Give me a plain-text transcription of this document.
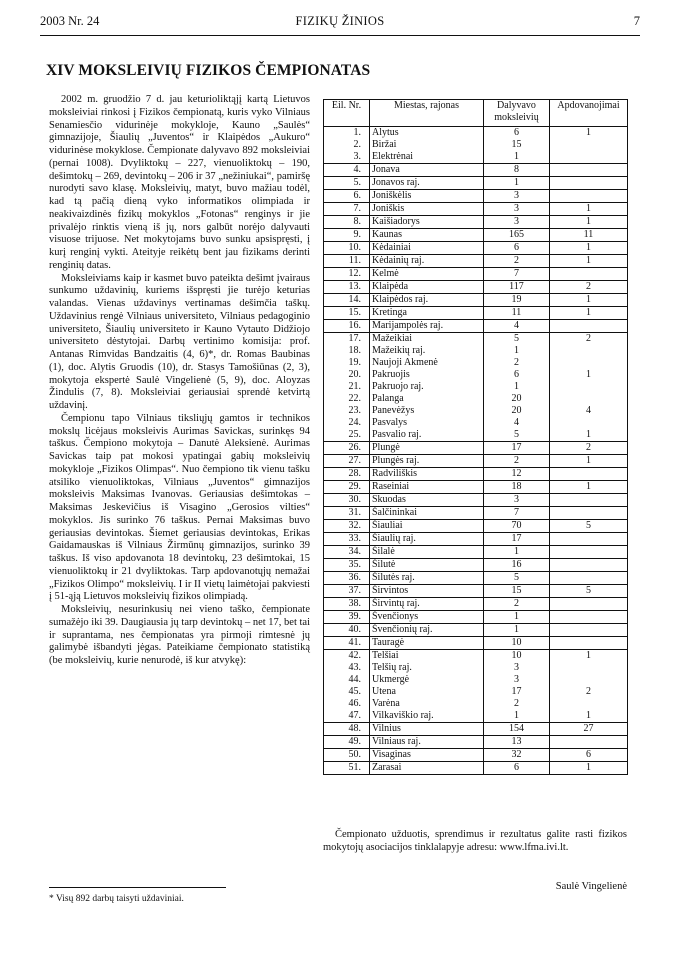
2003 Nr. 24	FIZIKŲ ŽINIOS	7
XIV MOKSLEIVIŲ FIZIKOS ČEMPIONATAS

2002 m. gruodžio 7 d. jau keturioliktąjį kartą Lietuvos moksleiviai rinkosi į Fizikos čempionatą, kuris vyko Vilniaus Senamiesčio vidurinėje mokykloje, Kauno „Saulės“ gimnazijoje, Šiaulių „Juventos“ ir Klaipėdos „Aukuro“ vidurinėse mokyklose. Čempionate dalyvavo 892 moksleiviai (pernai 1008). Dvyliktokų – 227, vienuoliktokų – 190, dešimtokų – 269, devintokų – 206 ir 37 „nežiniukai“, pamiršę nurodyti savo klasę. Moksleivių, matyt, buvo mažiau todėl, kad tą pačią dieną vyko informatikos olimpiada ir neakivaizdinės fizikų mokyklos „Fotonas“ renginys ir jie privalėjo rinktis vieną iš jų, nors galbūt norėjo dalyvauti visuose trijuose. Net mokytojams buvo sunku apsispręsti, į kurį renginį vykti. Ateityje reikėtų bent jau fizikams derinti renginių datas.

Moksleiviams kaip ir kasmet buvo pateikta dešimt įvairaus sunkumo uždavinių, kuriems išspręsti jie turėjo keturias valandas. Vienas uždavinys vertinamas dešimčia taškų. Uždavinius rengė Vilniaus universiteto, Vilniaus pedagoginio universiteto, Šiaulių universiteto ir Kauno Vytauto Didžiojo universiteto dėstytojai. Darbų vertinimo komisija: prof. Antanas Rimvidas Bandzaitis (4, 6)*, dr. Romas Baubinas (1), doc. Alytis Gruodis (10), dr. Stasys Tamošiūnas (2, 3), mokytoja ekspertė Saulė Vingelienė (5, 9), doc. Aloyzas Žindulis (7, 8). Moksleiviai geriausiai sprendė ketvirtą uždavinį.

Čempionu tapo Vilniaus tiksliųjų gamtos ir technikos mokslų licėjaus moksleivis Aurimas Savickas, surinkęs 94 taškus. Čempiono mokytoja – Danutė Aleksienė. Aurimas Savickas taip pat mokosi ypatingai gabių moksleivių mokykloje „Fizikos Olimpas“. Nuo čempiono tik vienu tašku atsiliko vienuoliktokas, Vilniaus „Juventos“ gimnazijos moksleivis Maksimas Ivanovas. Geriausias dešimtokas – Maksimas Jeskevičius iš Visagino „Gerosios vilties“ mokyklos. Jis surinko 76 taškus. Pernai Maksimas buvo geriausias devintokas. Šiemet geriausias devintokas, Erikas Gaidamauskas iš Vilniaus Žirmūnų gimnazijos, surinko 39 taškus. Iš viso apdovanota 18 devintokų, 23 dešimtokai, 15 vienuoliktokų ir 21 dvyliktokas. Tarp apdovanotųjų nemažai „Fizikos Olimpo“ moksleivių. I ir II vietų laimėtojai pakviesti į 51-ąją Lietuvos moksleivių fizikos olimpiadą.

Moksleivių, nesurinkusių nei vieno taško, čempionate sumažėjo iki 39. Daugiausia jų tarp devintokų – net 17, bet tai ir suprantama, nes čempionatas yra pirmoji rimtesnė jų galimybė išbandyti jėgas. Pateikiame čempionato statistiką (be moksleivių, kurie nenurodė, iš kur atvykę):

* Visų 892 darbų taisyti uždaviniai.
Eil. Nr.	Miestas, rajonas	Dalyvavo moksleivių	Apdovanojimai
1.	Alytus	6	1
2.	Biržai	15	
3.	Elektrėnai	1	
4.	Jonava	8	
5.	Jonavos raj.	1	
6.	Joniškėlis	3	
7.	Joniškis	3	1
8.	Kaišiadorys	3	1
9.	Kaunas	165	11
10.	Kėdainiai	6	1
11.	Kėdainių raj.	2	1
12.	Kelmė	7	
13.	Klaipėda	117	2
14.	Klaipėdos raj.	19	1
15.	Kretinga	11	1
16.	Marijampolės raj.	4	
17.	Mažeikiai	5	2
18.	Mažeikių raj.	1	
19.	Naujoji Akmenė	2	
20.	Pakruojis	6	1
21.	Pakruojo raj.	1	
22.	Palanga	20	
23.	Panevėžys	20	4
24.	Pasvalys	4	
25.	Pasvalio raj.	5	1
26.	Plungė	17	2
27.	Plungės raj.	2	1
28.	Radviliškis	12	
29.	Raseiniai	18	1
30.	Skuodas	3	
31.	Šalčininkai	7	
32.	Šiauliai	70	5
33.	Šiaulių raj.	17	
34.	Šilalė	1	
35.	Šilutė	16	
36.	Šilutės raj.	5	
37.	Širvintos	15	5
38.	Širvintų raj.	2	
39.	Švenčionys	1	
40.	Švenčionių raj.	1	
41.	Tauragė	10	
42.	Telšiai	10	1
43.	Telšių raj.	3	
44.	Ukmergė	3	
45.	Utena	17	2
46.	Varėna	2	
47.	Vilkaviškio raj.	1	1
48.	Vilnius	154	27
49.	Vilniaus raj.	13	
50.	Visaginas	32	6
51.	Zarasai	6	1

Čempionato užduotis, sprendimus ir rezultatus galite rasti fizikos mokytojų asociacijos tinklalapyje adresu: www.lfma.ivi.lt.

Saulė Vingelienė
